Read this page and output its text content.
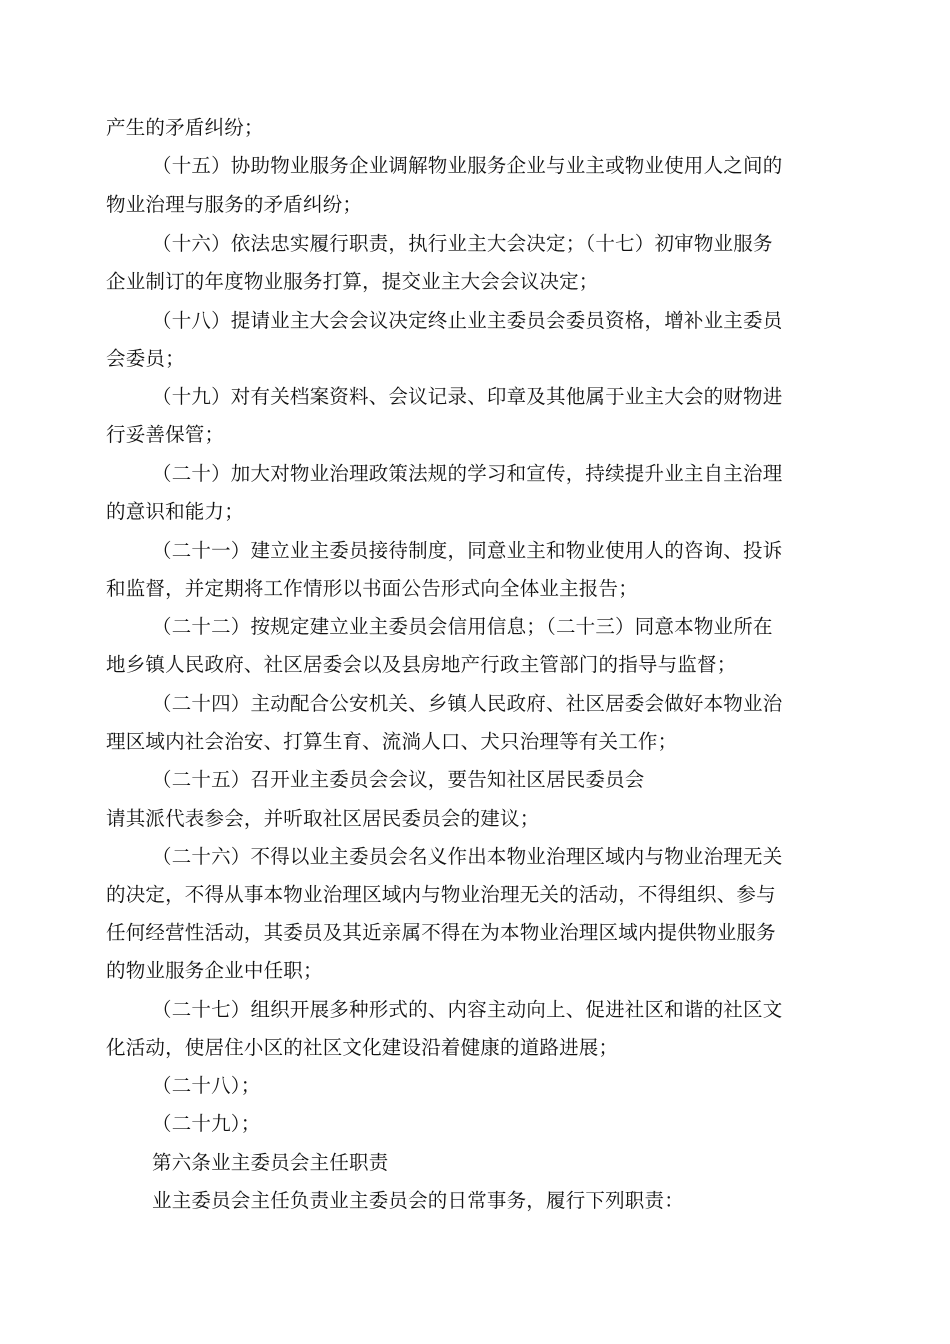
产生的矛盾纠纷；
（十五）协助物业服务企业调解物业服务企业与业主或物业使用人之间的
物业治理与服务的矛盾纠纷；
（十六）依法忠实履行职责，执行业主大会决定；（十七）初审物业服务
企业制订的年度物业服务打算，提交业主大会会议决定；
（十八）提请业主大会会议决定终止业主委员会委员资格，增补业主委员
会委员；
（十九）对有关档案资料、会议记录、印章及其他属于业主大会的财物进
行妥善保管；
（二十）加大对物业治理政策法规的学习和宣传，持续提升业主自主治理
的意识和能力；
（二十一）建立业主委员接待制度，同意业主和物业使用人的咨询、投诉
和监督，并定期将工作情形以书面公告形式向全体业主报告；
（二十二）按规定建立业主委员会信用信息；（二十三）同意本物业所在
地乡镇人民政府、社区居委会以及县房地产行政主管部门的指导与监督；
（二十四）主动配合公安机关、乡镇人民政府、社区居委会做好本物业治
理区域内社会治安、打算生育、流淌人口、犬只治理等有关工作；
（二十五）召开业主委员会会议，要告知社区居民委员会
请其派代表参会，并听取社区居民委员会的建议；
（二十六）不得以业主委员会名义作出本物业治理区域内与物业治理无关
的决定，不得从事本物业治理区域内与物业治理无关的活动，不得组织、参与
任何经营性活动，其委员及其近亲属不得在为本物业治理区域内提供物业服务
的物业服务企业中任职；
（二十七）组织开展多种形式的、内容主动向上、促进社区和谐的社区文
化活动，使居住小区的社区文化建设沿着健康的道路进展；
（二十八）；
（二十九）；
第六条业主委员会主任职责
业主委员会主任负责业主委员会的日常事务，履行下列职责：
